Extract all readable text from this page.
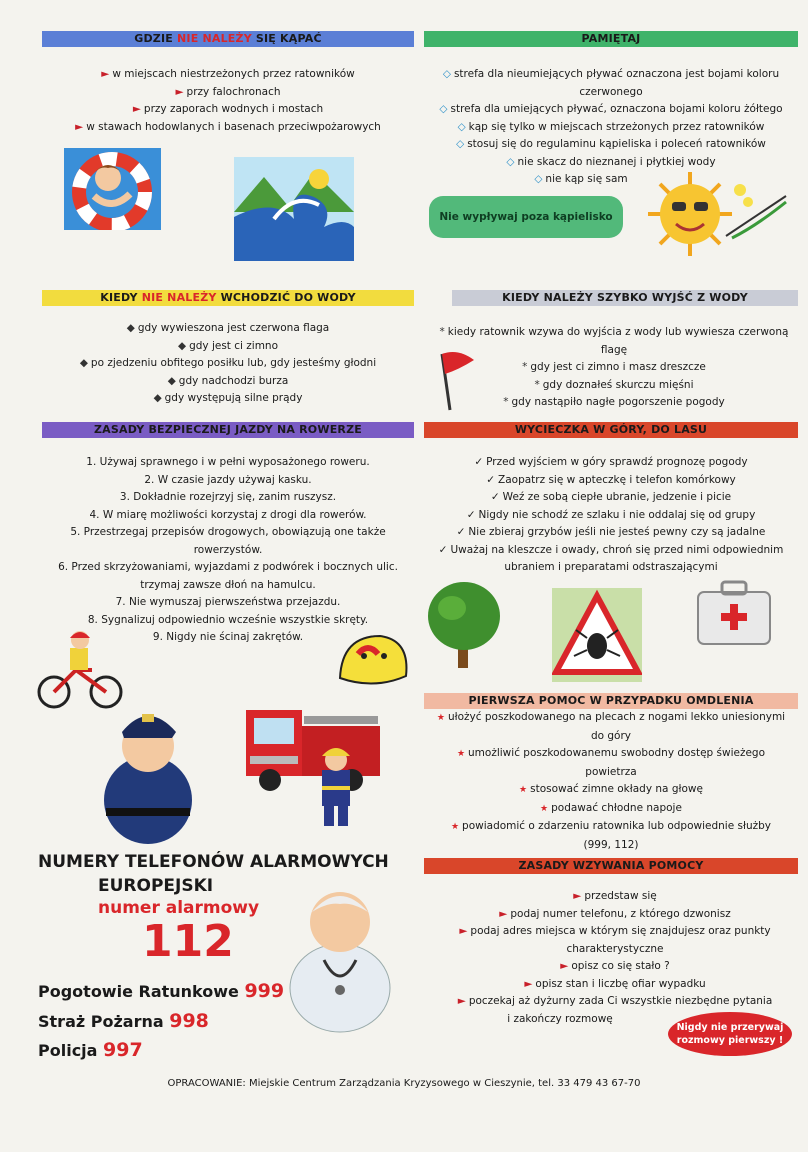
GDZIE NIE NALEŻY SIĘ KĄPAĆ
► w miejscach niestrzeżonych przez ratowników
► przy falochronach
► przy zaporach wodnych i mostach
► w stawach hodowlanych i basenach przeciwpożarowych
PAMIĘTAJ
◇ strefa dla nieumiejących pływać oznaczona jest bojami koloru
czerwonego
◇ strefa dla umiejących pływać, oznaczona bojami koloru żółtego
◇ kąp się tylko w miejscach strzeżonych przez ratowników
◇ stosuj się do regulaminu kąpieliska i poleceń ratowników
◇ nie skacz do nieznanej i płytkiej wody
◇ nie kąp się sam
Nie wypływaj poza kąpielisko
KIEDY NIE NALEŻY WCHODZIĆ DO WODY
◆ gdy wywieszona jest czerwona flaga
◆ gdy jest ci zimno
◆ po zjedzeniu obfitego posiłku lub, gdy jesteśmy głodni
◆ gdy nadchodzi burza
◆ gdy występują silne prądy
KIEDY NALEŻY SZYBKO WYJŚĆ Z WODY
* kiedy ratownik wzywa do wyjścia z wody lub wywiesza czerwoną
flagę
* gdy jest ci zimno i masz dreszcze
* gdy doznałeś skurczu mięśni
* gdy nastąpiło nagłe pogorszenie pogody
ZASADY BEZPIECZNEJ JAZDY NA ROWERZE
1. Używaj sprawnego i w pełni wyposażonego roweru.
2. W czasie jazdy używaj kasku.
3. Dokładnie rozejrzyj się, zanim ruszysz.
4. W miarę możliwości korzystaj z drogi dla rowerów.
5. Przestrzegaj przepisów drogowych, obowiązują one także
rowerzystów.
6. Przed skrzyżowaniami, wyjazdami z podwórek i bocznych ulic.
trzymaj zawsze dłoń na hamulcu.
7. Nie wymuszaj pierwszeństwa przejazdu.
8. Sygnalizuj odpowiednio wcześnie wszystkie skręty.
9. Nigdy nie ścinaj zakrętów.
WYCIECZKA W GÓRY, DO LASU
✓ Przed wyjściem w góry sprawdź prognozę pogody
✓ Zaopatrz się w apteczkę i telefon komórkowy
✓ Weź ze sobą ciepłe ubranie, jedzenie i picie
✓ Nigdy nie schodź ze szlaku i nie oddalaj się od grupy
✓ Nie zbieraj grzybów jeśli nie jesteś pewny czy są jadalne
✓ Uważaj na kleszcze i owady, chroń się przed nimi odpowiednim
ubraniem i preparatami odstraszającymi
PIERWSZA POMOC W PRZYPADKU OMDLENIA
★ ułożyć poszkodowanego na plecach z nogami lekko uniesionymi
do góry
★ umożliwić poszkodowanemu swobodny dostęp świeżego
powietrza
★ stosować zimne okłady na głowę
★ podawać chłodne napoje
★ powiadomić o zdarzeniu ratownika lub odpowiednie służby
(999, 112)
NUMERY TELEFONÓW ALARMOWYCH
EUROPEJSKI
numer alarmowy
112
Pogotowie Ratunkowe 999
Straż Pożarna 998
Policja 997
ZASADY WZYWANIA POMOCY
► przedstaw się
► podaj numer telefonu, z którego dzwonisz
► podaj adres miejsca w którym się znajdujesz oraz punkty
charakterystyczne
► opisz co się stało ?
► opisz stan i liczbę ofiar wypadku
► poczekaj aż dyżurny zada Ci wszystkie niezbędne pytania
i zakończy rozmowę
Nigdy nie przerywaj
rozmowy pierwszy !
OPRACOWANIE: Miejskie Centrum Zarządzania Kryzysowego w Cieszynie, tel. 33 479 43 67-70
